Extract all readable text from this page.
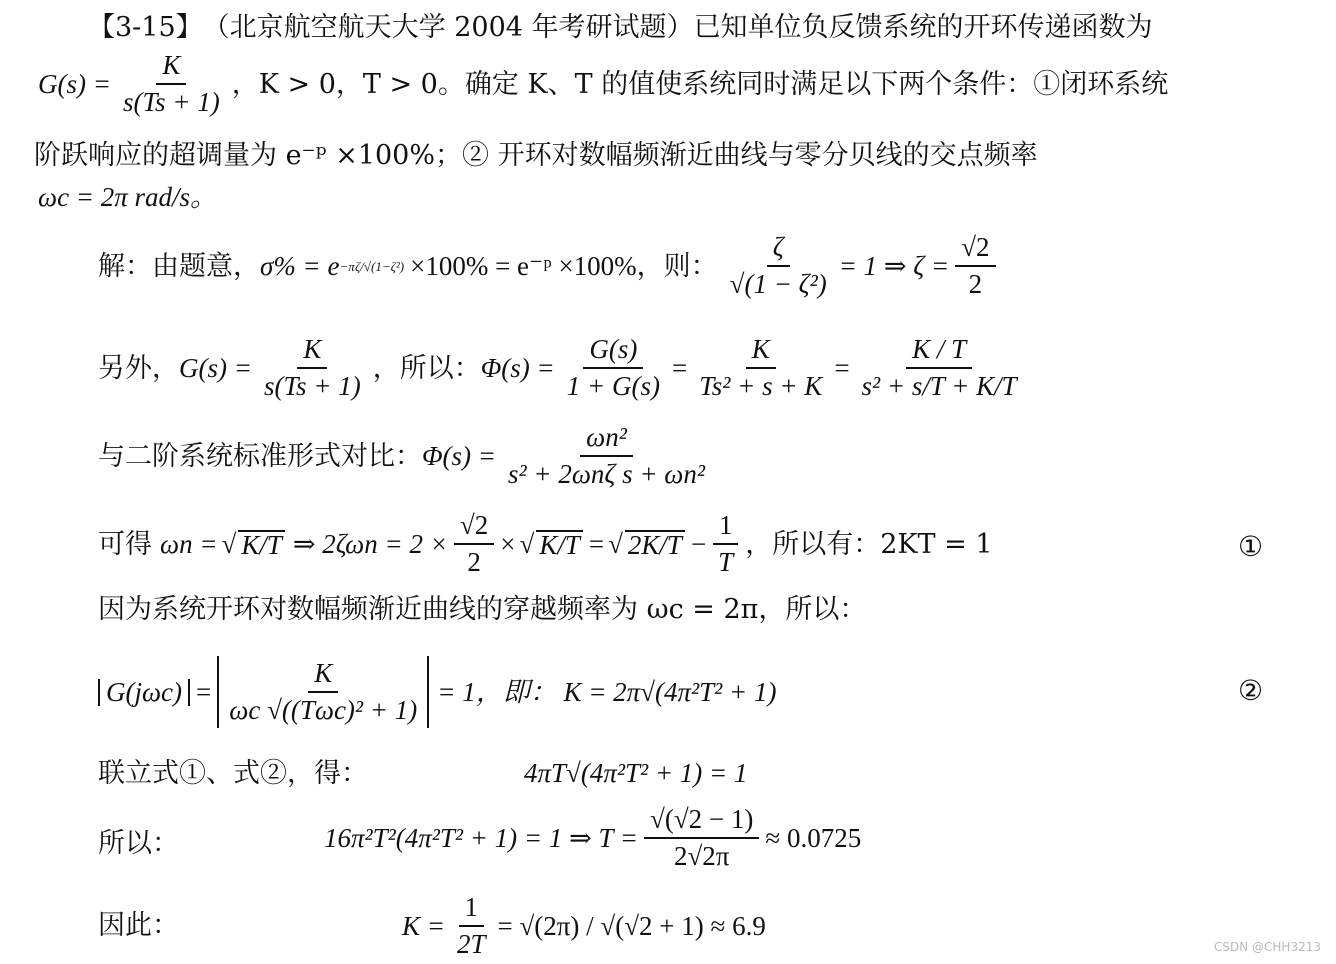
【3-15】 （北京航空航天大学 2004 年考研试题） 已知单位负反馈系统的开环传递函数为
$G(s) = \frac{K}{s(Ts + 1)}$ ，K > 0，T > 0。确定 K、T 的值使系统同时满足以下两个条件：①闭环系统
阶跃响应的超调量为 e⁻ᵖ ×100%；② 开环对数幅频渐近曲线与零分贝线的交点频率
ωc = 2π rad/s。
解：由题意， σ% = e −πζ/√(1−ζ²) ×100% = e⁻ᵖ ×100%，则： $\frac{\zeta}{\text{√(1 − ζ²)}} = 1$ ⇒ $\zeta = \frac{√2}{2}$
另外， $G(s) = \frac{K}{s(Ts + 1)}$ ，所以： $\Phi(s) = \frac{G(s)}{1 + G(s)} = \frac{K}{\text{Ts² + s + K}} = \frac{K / T}{\text{s² + s/T + K/T}}$
与二阶系统标准形式对比： $\Phi(s) = \frac{\text{ωn²}}{\text{s² + 2ωnζ s + ωn²}}$
可得 ωn = √ K/T ⇒ $2\zeta\omega n = 2 \times \frac{√2}{2}$ × √ K/T = √ $2K/T - \frac{1}{T}$ ，所以有：2KT = 1	①
因为系统开环对数幅频渐近曲线的穿越频率为 ωc = 2π，所以：
$G(j\omega c) = \frac{K}{\text{ωc √((Tωc)² + 1)}} = 1$，即： K = 2π√(4π²T² + 1)	②
联立式①、式②，得：	4πT√(4π²T² + 1) = 1
所以：	16π²T²(4π²T² + 1) = 1 ⇒ $T = \frac{√(√2 - 1)}{2√2\pi} \approx 0.0725$
因此：	$K = \frac{1}{2T} = √(2\pi) / √(√2 + 1) \approx 6.9$
CSDN @CHH3213
